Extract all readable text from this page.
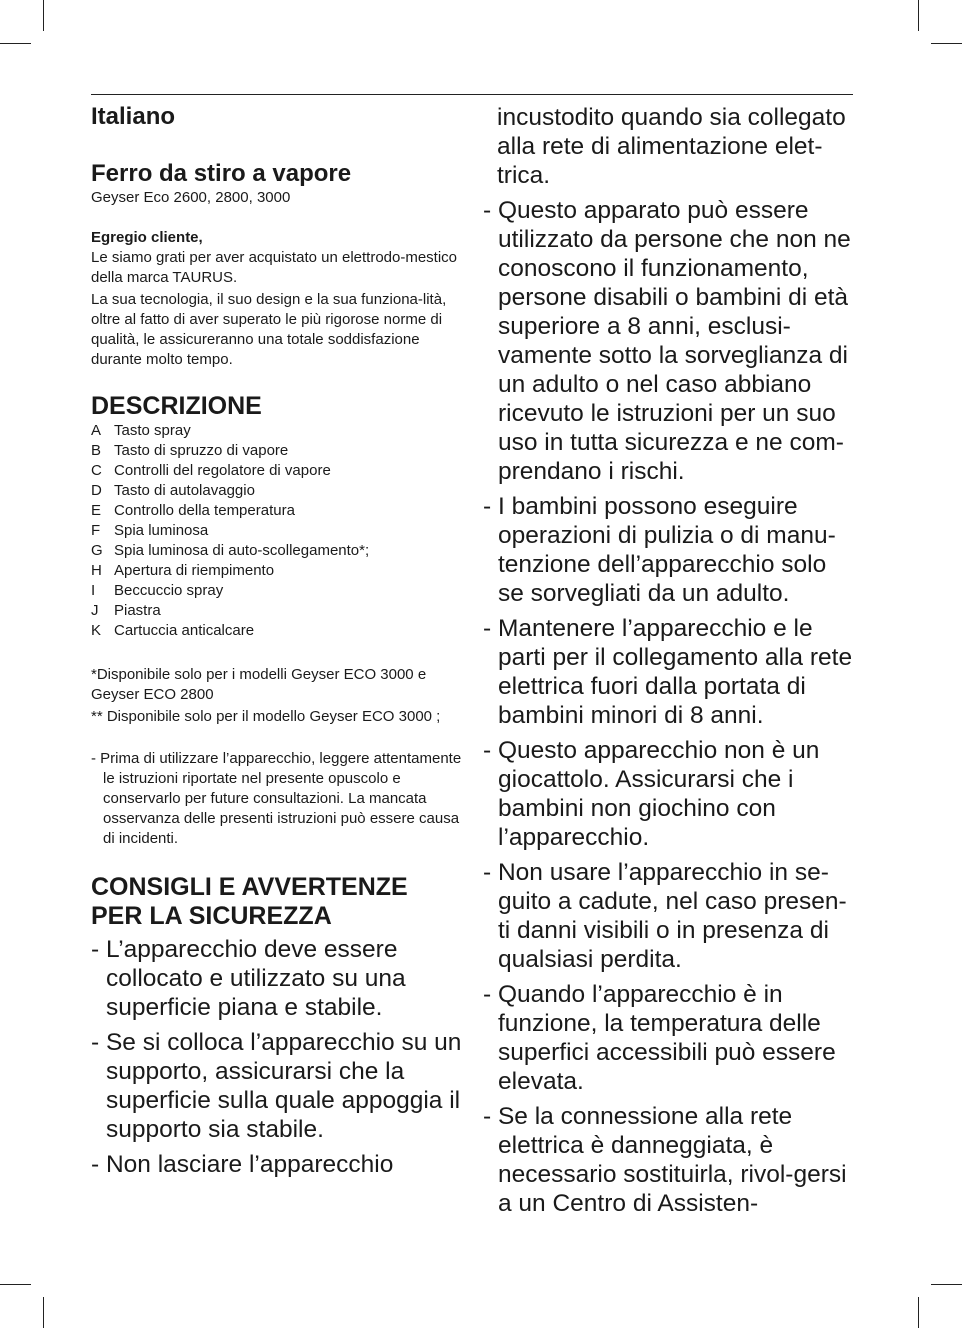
Italiano

Ferro da stiro a vapore

Geyser Eco 2600, 2800, 3000

Egregio cliente,

Le siamo grati per aver acquistato un elettrodo-mestico della marca TAURUS.

La sua tecnologia, il suo design e la sua funziona-lità, oltre al fatto di aver superato le più rigorose norme di qualità, le assicureranno una totale soddisfazione durante molto tempo.

DESCRIZIONE

A Tasto spray
B Tasto di spruzzo di vapore
C Controlli del regolatore di vapore
D Tasto di autolavaggio
E Controllo della temperatura
F Spia luminosa
G Spia luminosa di auto-scollegamento*;
H Apertura di riempimento
I	Beccuccio spray
J	Piastra
K Cartuccia anticalcare

*Disponibile solo per i modelli Geyser ECO 3000 e Geyser ECO 2800

** Disponibile solo per il modello Geyser ECO 3000 ;

- Prima di utilizzare l’apparecchio, leggere attentamente le istruzioni riportate nel presente opuscolo e conservarlo per future consultazioni. La mancata osservanza delle presenti istruzioni può essere causa di incidenti.

CONSIGLI E AVVERTENZE PER LA SICUREZZA

- L’apparecchio deve essere collocato e utilizzato su una superficie piana e stabile.

- Se si colloca l’apparecchio su un supporto, assicurarsi che la superficie sulla quale appoggia il supporto sia stabile.

- Non lasciare l’apparecchio

incustodito quando sia collegato alla rete di alimentazione elet-trica.

- Questo apparato può essere utilizzato da persone che non ne conoscono il funzionamento, persone disabili o bambini di età superiore a 8 anni, esclusi-vamente sotto la sorveglianza di un adulto o nel caso abbiano ricevuto le istruzioni per un suo uso in tutta sicurezza e ne com-prendano i rischi.

- I bambini possono eseguire operazioni di pulizia o di manu-tenzione dell’apparecchio solo se sorvegliati da un adulto.

- Mantenere l’apparecchio e le parti per il collegamento alla rete elettrica fuori dalla portata di bambini minori di 8 anni.

- Questo apparecchio non è un giocattolo. Assicurarsi che i bambini non giochino con l’apparecchio.

- Non usare l’apparecchio in se-guito a cadute, nel caso presen-ti danni visibili o in presenza di qualsiasi perdita.

- Quando l’apparecchio è in funzione, la temperatura delle superfici accessibili può essere elevata.

- Se la connessione alla rete elettrica è danneggiata, è necessario sostituirla, rivol-gersi a un Centro di Assisten-
